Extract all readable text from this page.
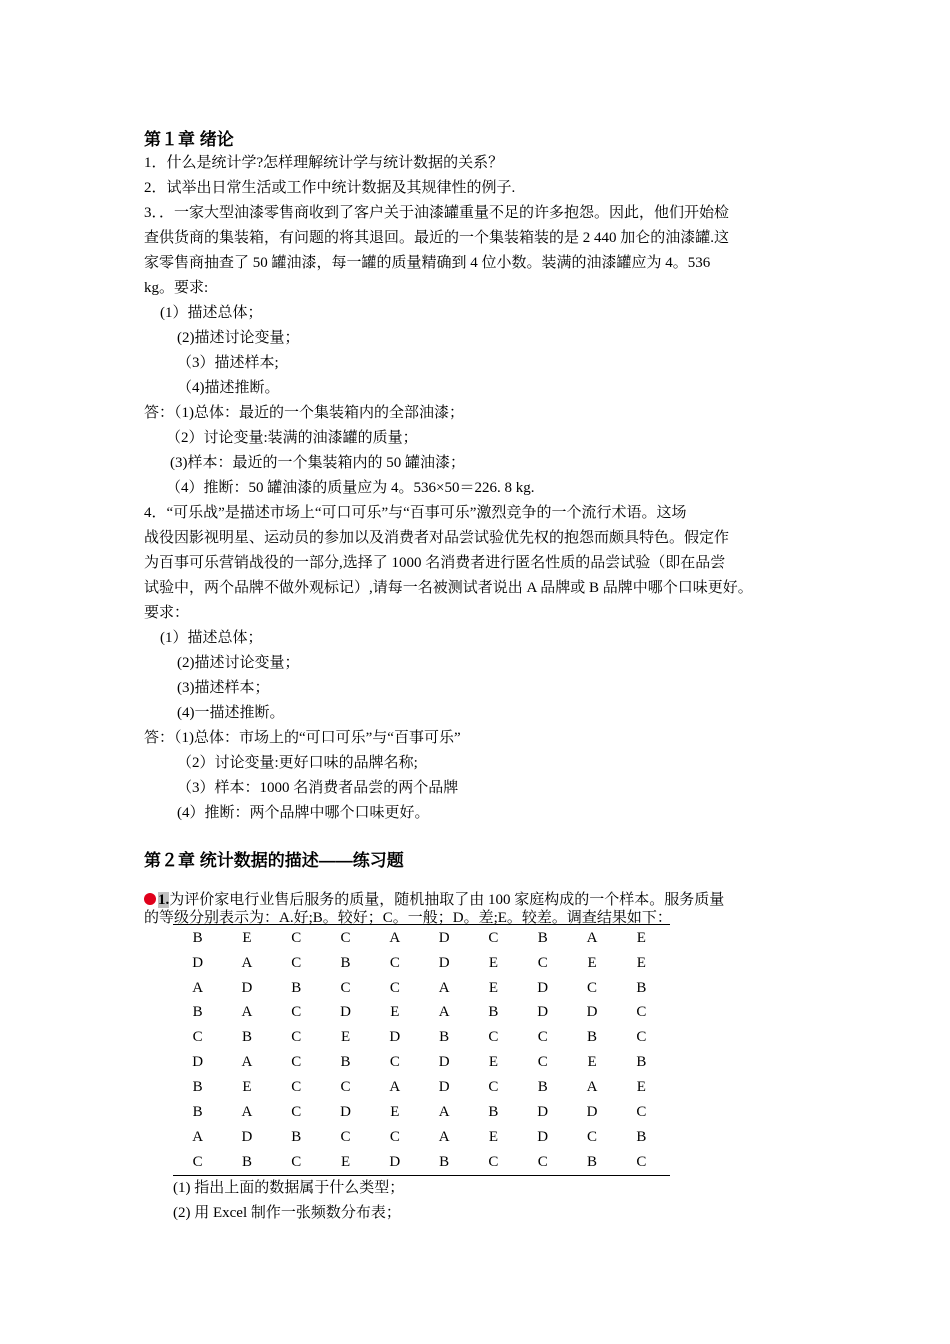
第１章 绪论
1．什么是统计学?怎样理解统计学与统计数据的关系？
2．试举出日常生活或工作中统计数据及其规律性的例子.
3．．一家大型油漆零售商收到了客户关于油漆罐重量不足的许多抱怨。因此，他们开始检
查供货商的集装箱，有问题的将其退回。最近的一个集装箱装的是 2 440 加仑的油漆罐.这
家零售商抽查了 50 罐油漆，每一罐的质量精确到 4 位小数。装满的油漆罐应为 4。536
kg。要求:
(1）描述总体；
(2)描述讨论变量；
（3）描述样本;
（4)描述推断。
答：（1)总体：最近的一个集装箱内的全部油漆；
（2）讨论变量:装满的油漆罐的质量；
(3)样本：最近的一个集装箱内的 50 罐油漆；
（4）推断：50 罐油漆的质量应为 4。536×50＝226. 8 kg.
4．“可乐战”是描述市场上“可口可乐”与“百事可乐”激烈竞争的一个流行术语。这场
战役因影视明星、运动员的参加以及消费者对品尝试验优先权的抱怨而颇具特色。假定作
为百事可乐营销战役的一部分,选择了 1000 名消费者进行匿名性质的品尝试验（即在品尝
试验中，两个品牌不做外观标记）,请每一名被测试者说出 A 品牌或 B 品牌中哪个口味更好。
要求：
(1）描述总体；
(2)描述讨论变量；
(3)描述样本；
(4)一描述推断。
答：（1)总体：市场上的“可口可乐”与“百事可乐”
（2）讨论变量:更好口味的品牌名称;
（3）样本：1000 名消费者品尝的两个品牌
(4）推断：两个品牌中哪个口味更好。
第２章 统计数据的描述——练习题
1.为评价家电行业售后服务的质量，随机抽取了由 100 家庭构成的一个样本。服务质量
的等级分别表示为：A.好;B。较好；C。一般；D。差;E。较差。调查结果如下：
B	E	C	C	A	D	C	B	A	E
D	A	C	B	C	D	E	C	E	E
A	D	B	C	C	A	E	D	C	B
B	A	C	D	E	A	B	D	D	C
C	B	C	E	D	B	C	C	B	C
D	A	C	B	C	D	E	C	E	B
B	E	C	C	A	D	C	B	A	E
B	A	C	D	E	A	B	D	D	C
A	D	B	C	C	A	E	D	C	B
C	B	C	E	D	B	C	C	B	C
(1) 指出上面的数据属于什么类型；
(2) 用 Excel 制作一张频数分布表；
